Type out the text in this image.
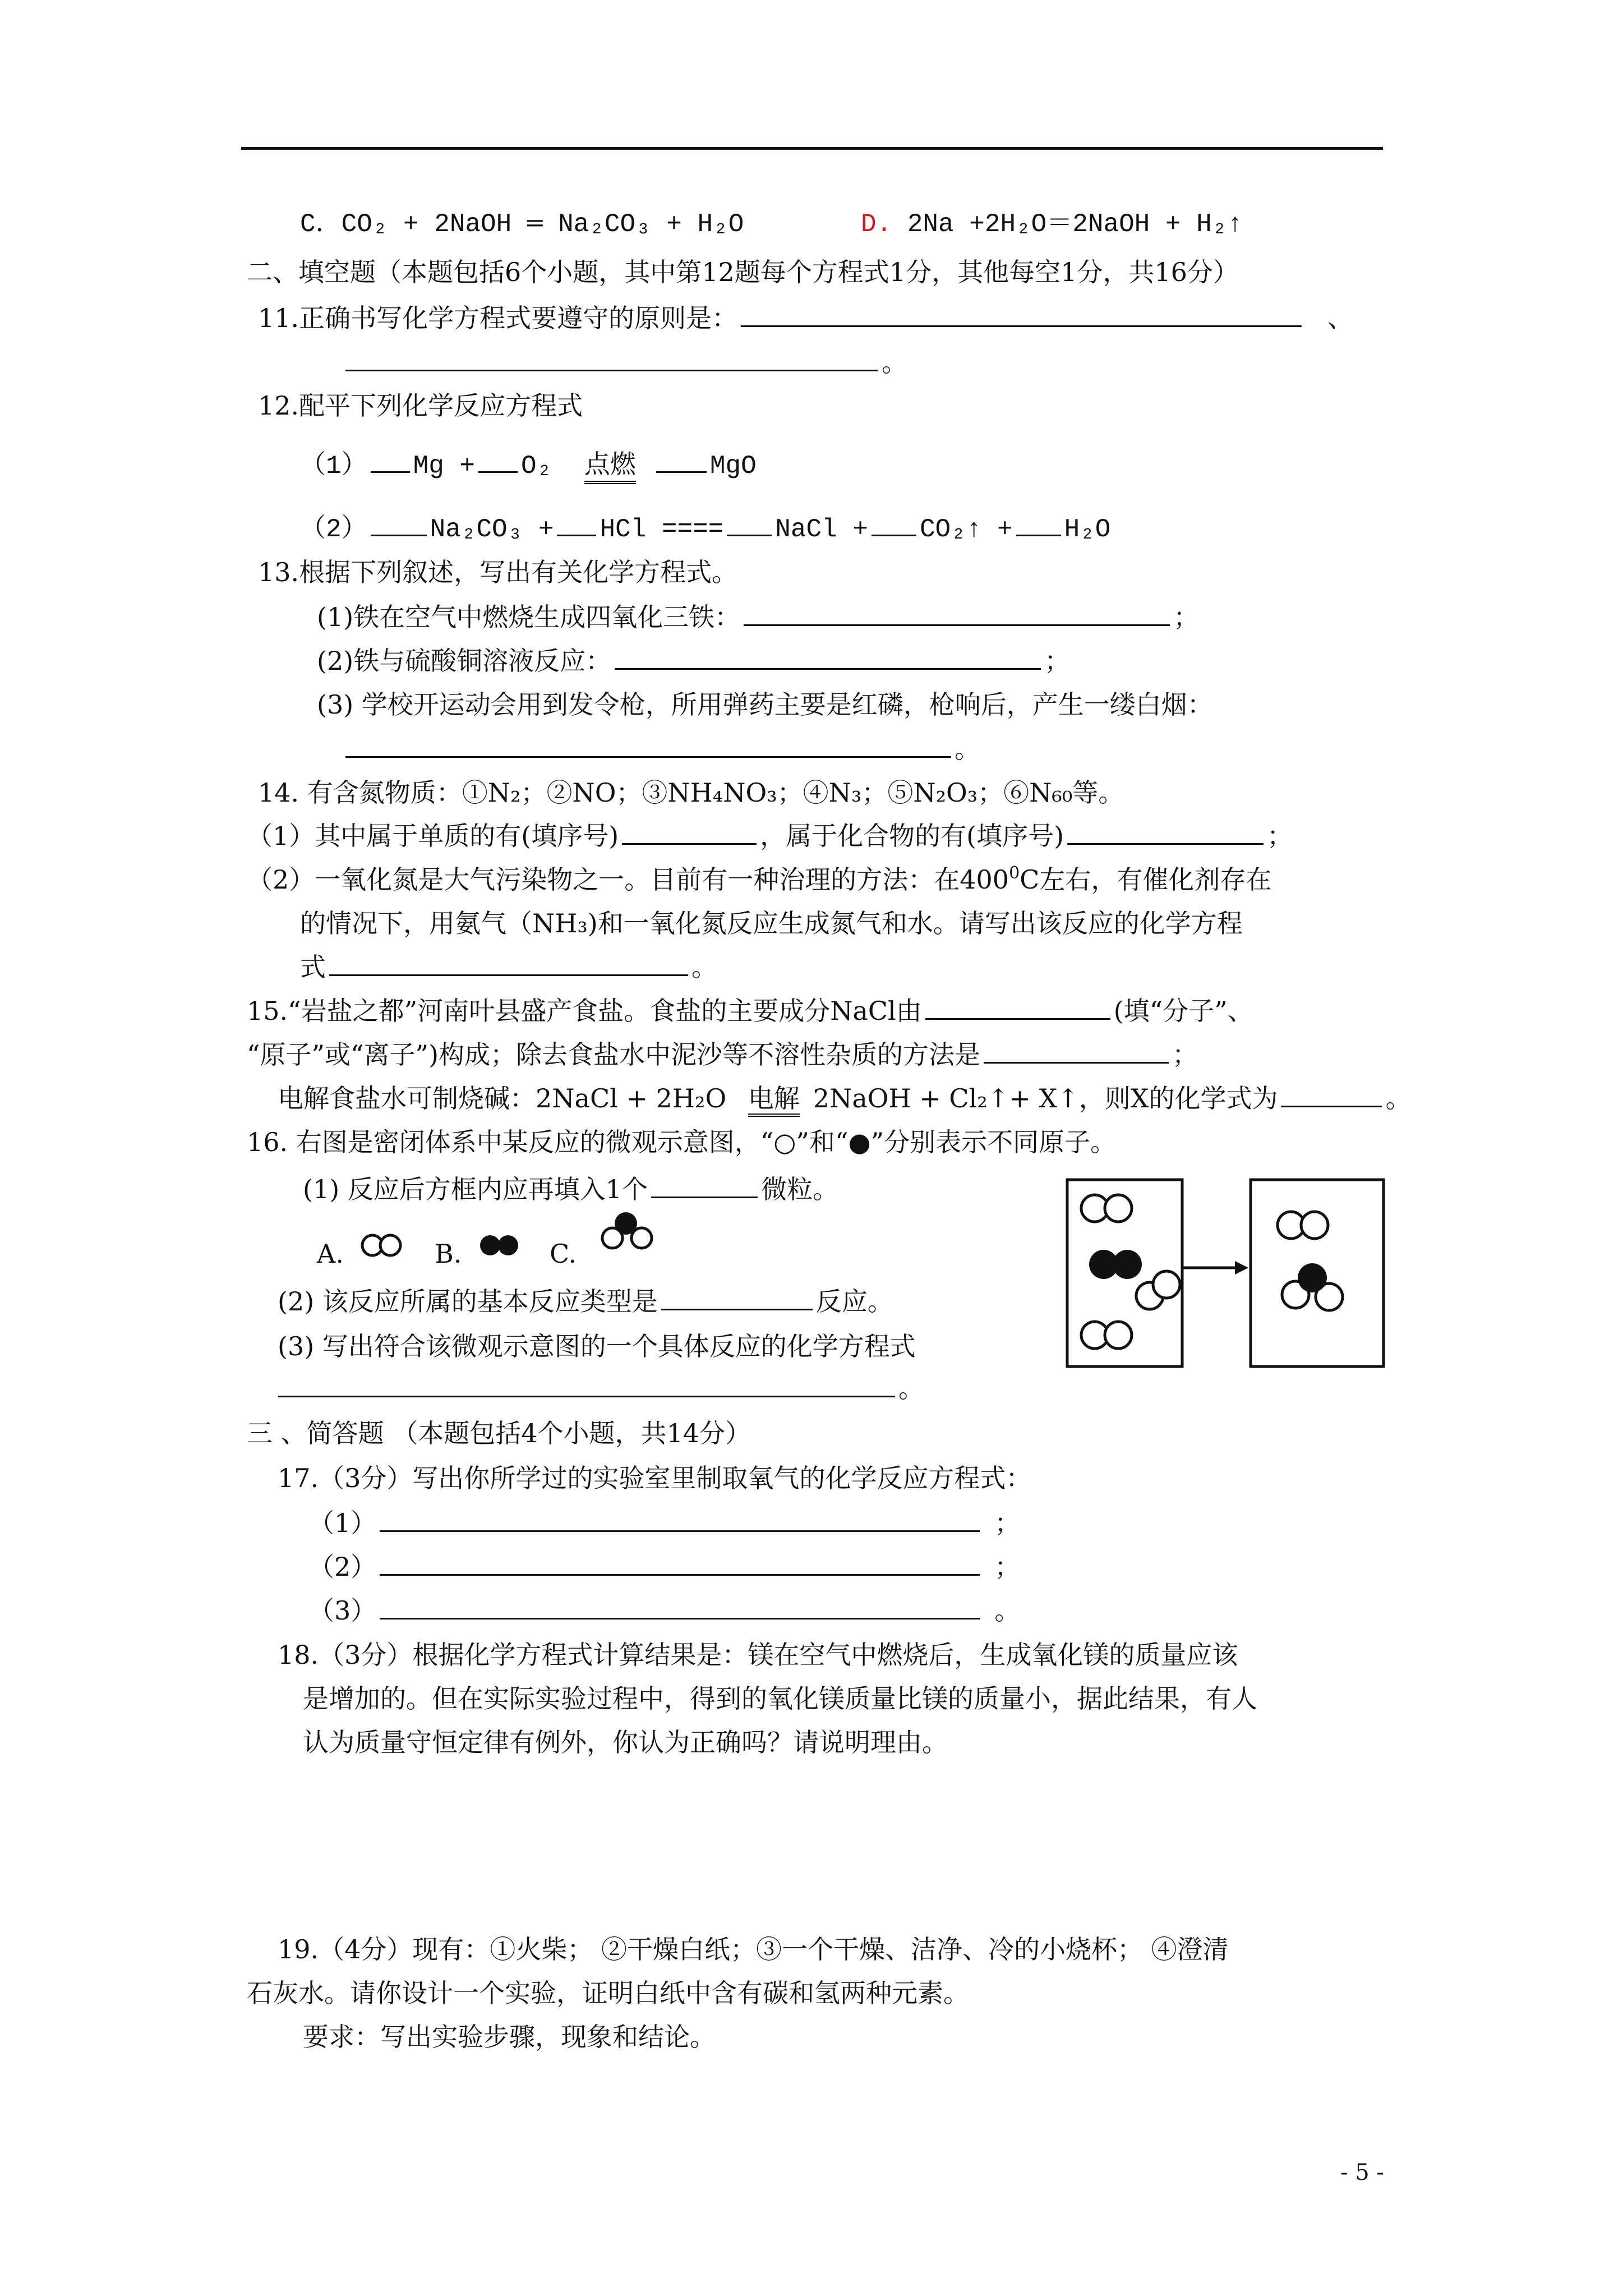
C．CO₂ + 2NaOH ═ Na₂CO₃ + H₂O	D. 2Na +2H₂O＝2NaOH + H₂↑
二、填空题（本题包括6个小题，其中第12题每个方程式1分，其他每空1分，共16分）
11.正确书写化学方程式要遵守的原则是：	、
。
12.配平下列化学反应方程式
（1） Mg + O₂ 点燃	MgO
（2） Na₂CO₃ + HCl ==== NaCl + CO₂↑ + H₂O
13.根据下列叙述，写出有关化学方程式。
(1)铁在空气中燃烧生成四氧化三铁：	；
(2)铁与硫酸铜溶液反应：	；
(3) 学校开运动会用到发令枪，所用弹药主要是红磷，枪响后，产生一缕白烟：
。
14. 有含氮物质：①N₂；②NO；③NH₄NO₃；④N₃；⑤N₂O₃；⑥N₆₀等。
（1）其中属于单质的有(填序号)	，属于化合物的有(填序号)	；
（2）一氧化氮是大气污染物之一。目前有一种治理的方法：在$400^0C$左右，有催化剂存在
的情况下，用氨气（NH₃)和一氧化氮反应生成氮气和水。请写出该反应的化学方程
式	。
15.“岩盐之都”河南叶县盛产食盐。食盐的主要成分NaCl由	(填“分子”、
“原子”或“离子”)构成；除去食盐水中泥沙等不溶性杂质的方法是	；
电解食盐水可制烧碱：2NaCl + 2H₂O 电解 2NaOH + Cl₂↑+ X↑，则X的化学式为	。
16. 右图是密闭体系中某反应的微观示意图，“○”和“●”分别表示不同原子。
(1) 反应后方框内应再填入1个	微粒。
A.	B.	C.
(2) 该反应所属的基本反应类型是	反应。
(3) 写出符合该微观示意图的一个具体反应的化学方程式
。
三 、简答题 （本题包括4个小题，共14分）
17.（3分）写出你所学过的实验室里制取氧气的化学反应方程式：
（1）	；
（2）	；
（3）	。
18.（3分）根据化学方程式计算结果是：镁在空气中燃烧后，生成氧化镁的质量应该
是增加的。但在实际实验过程中，得到的氧化镁质量比镁的质量小，据此结果，有人
认为质量守恒定律有例外，你认为正确吗？请说明理由。
19.（4分）现有：①火柴； ②干燥白纸；③一个干燥、洁净、冷的小烧杯； ④澄清
石灰水。请你设计一个实验，证明白纸中含有碳和氢两种元素。
要求：写出实验步骤，现象和结论。
- 5 -
